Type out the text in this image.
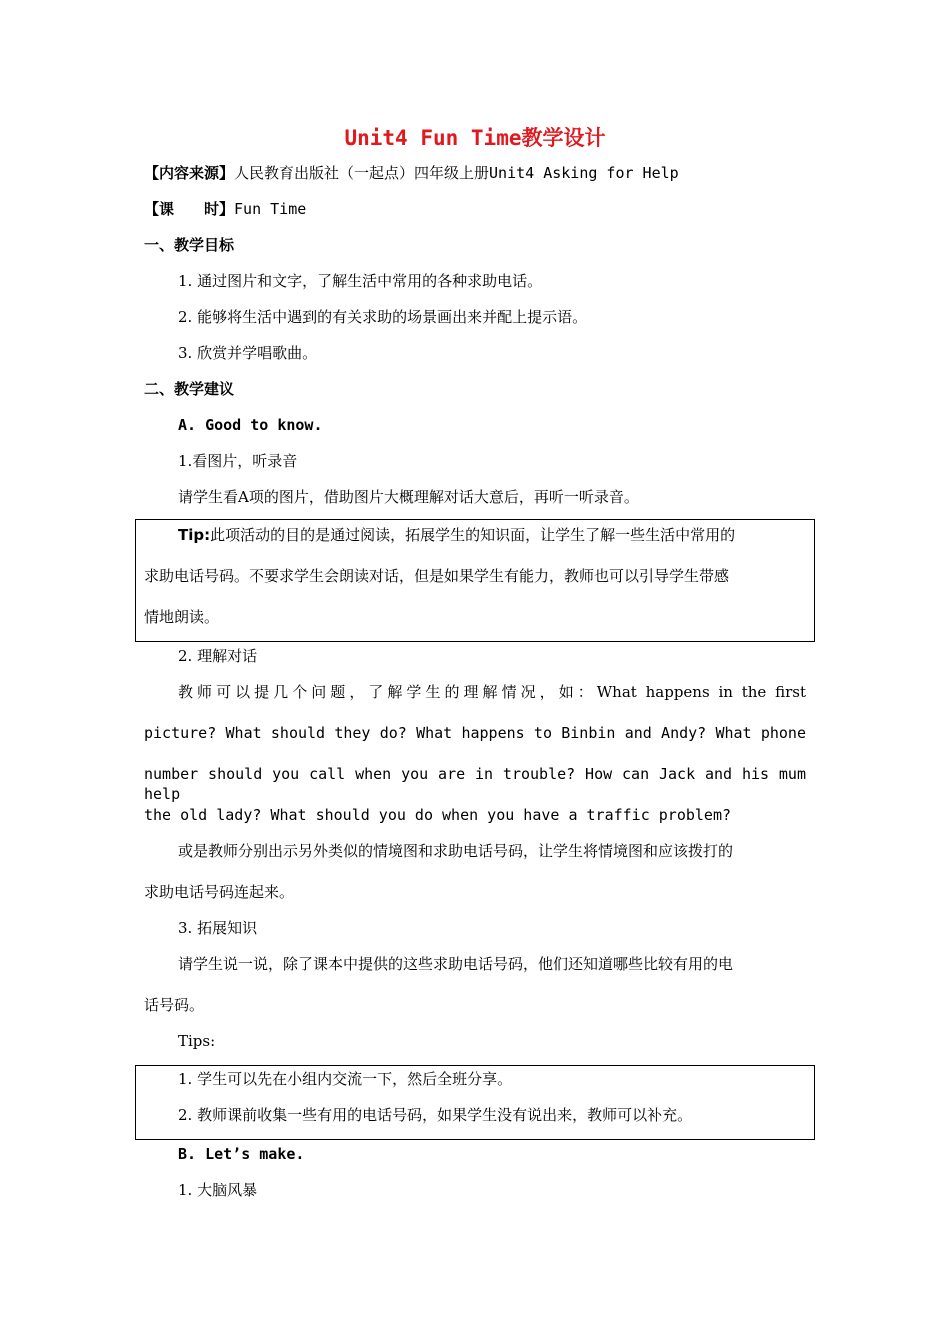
Unit4 Fun Time教学设计
【内容来源】人民教育出版社（一起点）四年级上册Unit4 Asking for Help
【课　　时】Fun Time
一、教学目标
1. 通过图片和文字，了解生活中常用的各种求助电话。
2. 能够将生活中遇到的有关求助的场景画出来并配上提示语。
3. 欣赏并学唱歌曲。
二、教学建议
A. Good to know.
1.看图片，听录音
请学生看A项的图片，借助图片大概理解对话大意后，再听一听录音。
Tip:此项活动的目的是通过阅读，拓展学生的知识面，让学生了解一些生活中常用的
求助电话号码。不要求学生会朗读对话，但是如果学生有能力，教师也可以引导学生带感
情地朗读。
2. 理解对话
教师可以提几个问题，了解学生的理解情况，如：What happens in the first
picture? What should they do? What happens to Binbin and Andy? What phone
number should you call when you are in trouble? How can Jack and his mum help
the old lady? What should you do when you have a traffic problem?
或是教师分别出示另外类似的情境图和求助电话号码，让学生将情境图和应该拨打的
求助电话号码连起来。
3. 拓展知识
请学生说一说，除了课本中提供的这些求助电话号码，他们还知道哪些比较有用的电
话号码。
Tips:
1. 学生可以先在小组内交流一下，然后全班分享。
2. 教师课前收集一些有用的电话号码，如果学生没有说出来，教师可以补充。
B. Let’s make.
1. 大脑风暴
